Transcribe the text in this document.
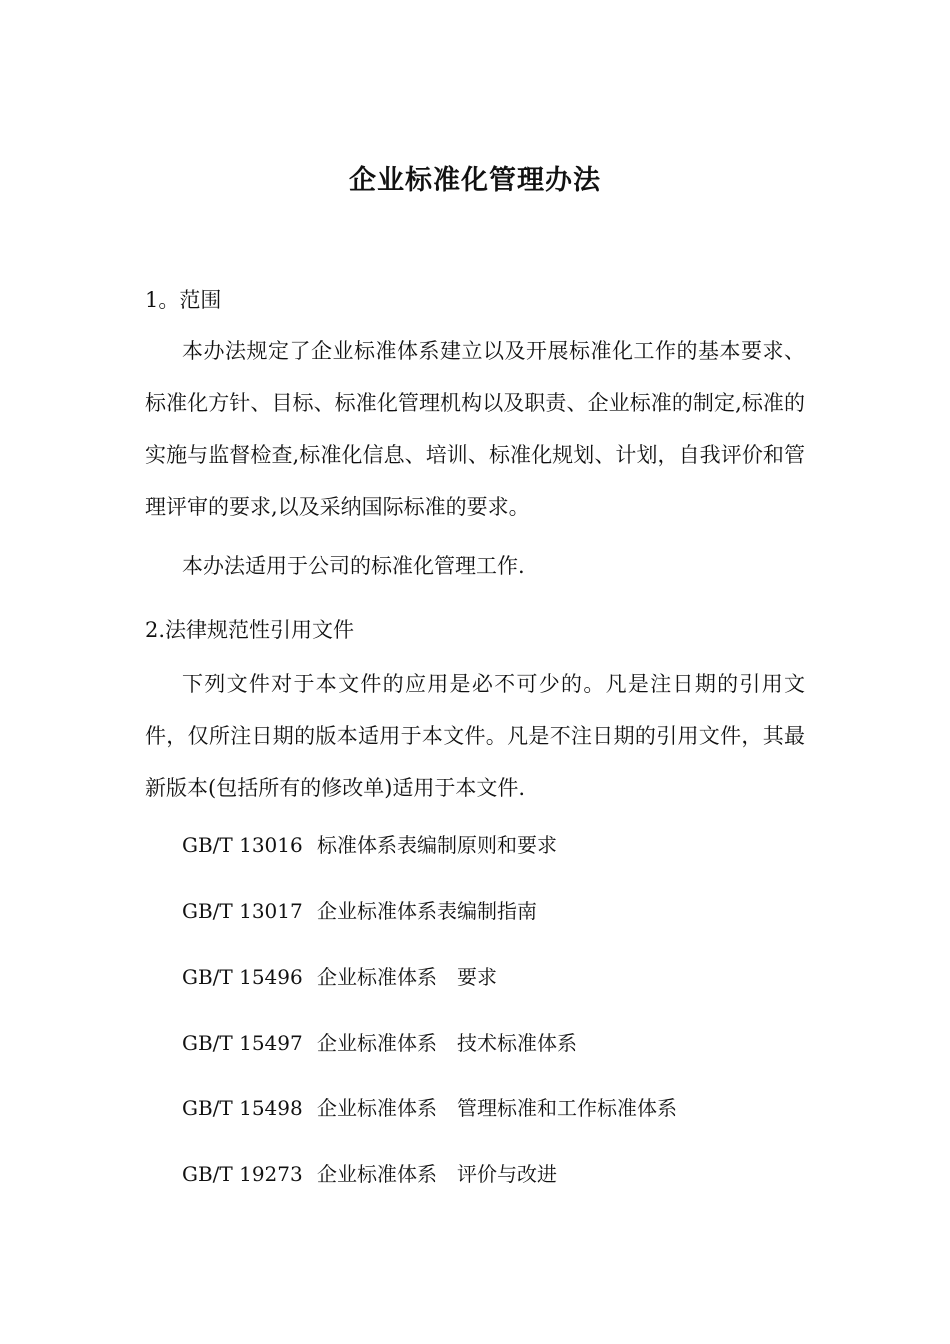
企业标准化管理办法
1。范围
本办法规定了企业标准体系建立以及开展标准化工作的基本要求、标准化方针、目标、标准化管理机构以及职责、企业标准的制定,标准的实施与监督检查,标准化信息、培训、标准化规划、计划，自我评价和管理评审的要求,以及采纳国际标准的要求。
本办法适用于公司的标准化管理工作.
2.法律规范性引用文件
下列文件对于本文件的应用是必不可少的。凡是注日期的引用文件，仅所注日期的版本适用于本文件。凡是不注日期的引用文件，其最新版本(包括所有的修改单)适用于本文件.
GB/T 13016 标准体系表编制原则和要求
GB/T 13017 企业标准体系表编制指南
GB/T 15496 企业标准体系　要求
GB/T 15497 企业标准体系　技术标准体系
GB/T 15498 企业标准体系　管理标准和工作标准体系
GB/T 19273 企业标准体系　评价与改进
